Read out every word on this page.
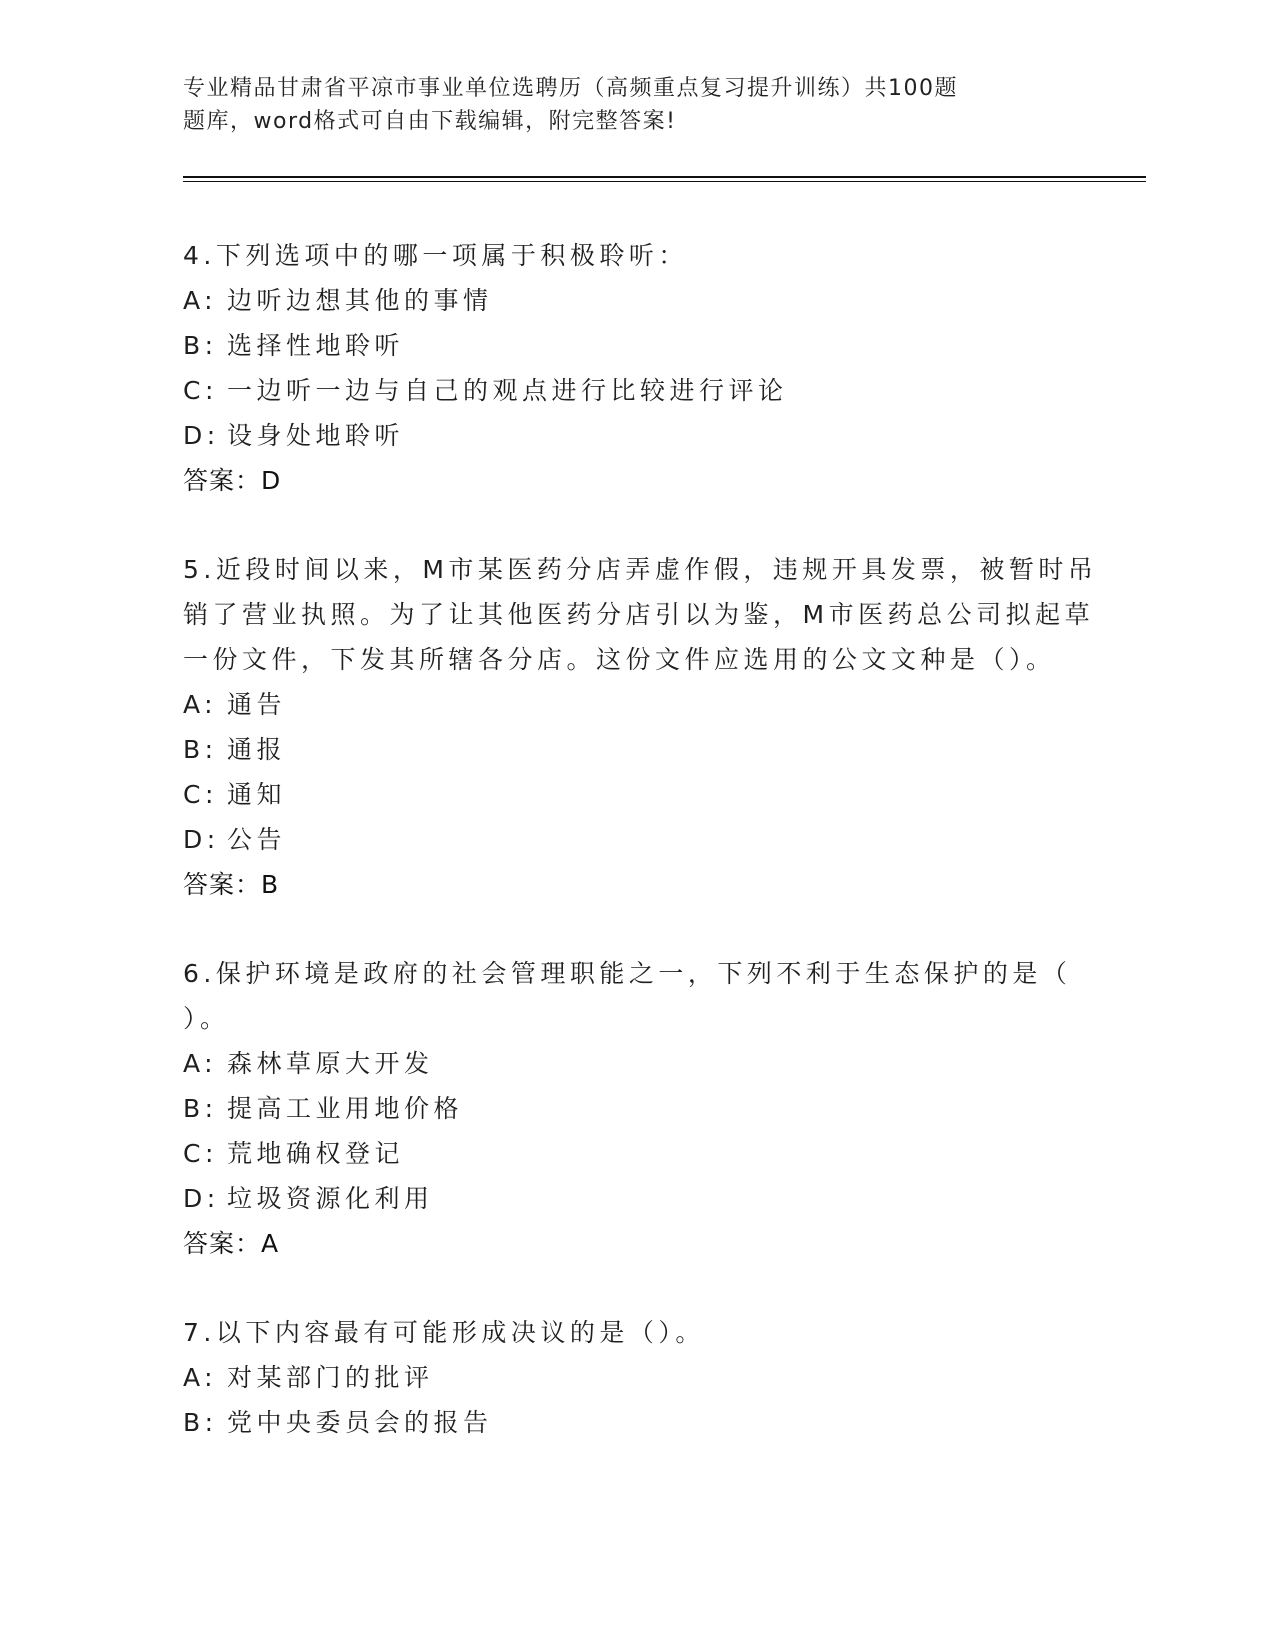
专业精品甘肃省平凉市事业单位选聘历（高频重点复习提升训练）共100题
题库，word格式可自由下载编辑，附完整答案!
4.下列选项中的哪一项属于积极聆听：
A: 边听边想其他的事情
B: 选择性地聆听
C: 一边听一边与自己的观点进行比较进行评论
D: 设身处地聆听
答案：D
5.近段时间以来，M市某医药分店弄虚作假，违规开具发票，被暂时吊
销了营业执照。为了让其他医药分店引以为鉴，M市医药总公司拟起草
一份文件，下发其所辖各分店。这份文件应选用的公文文种是（）。
A: 通告
B: 通报
C: 通知
D: 公告
答案：B
6.保护环境是政府的社会管理职能之一，下列不利于生态保护的是（
）。
A: 森林草原大开发
B: 提高工业用地价格
C: 荒地确权登记
D: 垃圾资源化利用
答案：A
7.以下内容最有可能形成决议的是（）。
A: 对某部门的批评
B: 党中央委员会的报告
